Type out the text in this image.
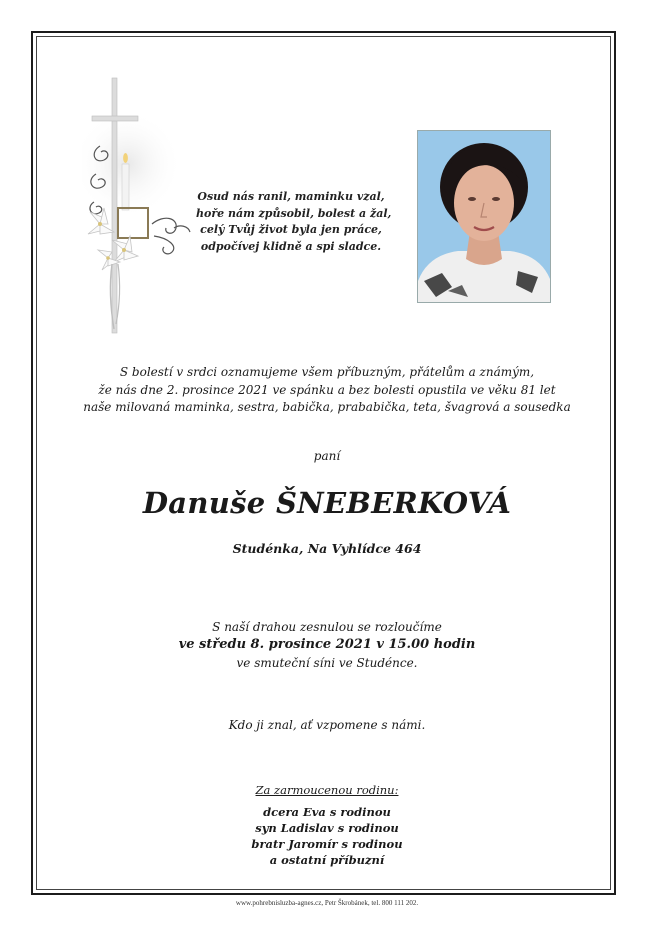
Osud nás ranil, maminku vzal,
hoře nám způsobil, bolest a žal,
celý Tvůj život byla jen práce,
odpočívej klidně a spi sladce.
S bolestí v srdci oznamujeme všem příbuzným, přátelům a známým,
že nás dne 2. prosince 2021 ve spánku a bez bolesti opustila ve věku 81 let
naše milovaná maminka, sestra, babička, prababička, teta, švagrová a sousedka
paní
Danuše ŠNEBERKOVÁ
Studénka, Na Vyhlídce 464
S naší drahou zesnulou se rozloučíme
ve středu 8. prosince 2021 v 15.00 hodin
ve smuteční síni ve Studénce.
Kdo ji znal, ať vzpomene s námi.
Za zarmoucenou rodinu:
dcera Eva s rodinou
syn Ladislav s rodinou
bratr Jaromír s rodinou
a ostatní příbuzní
www.pohrebnisluzba-agnes.cz, Petr Škrobánek, tel. 800 111 202.
